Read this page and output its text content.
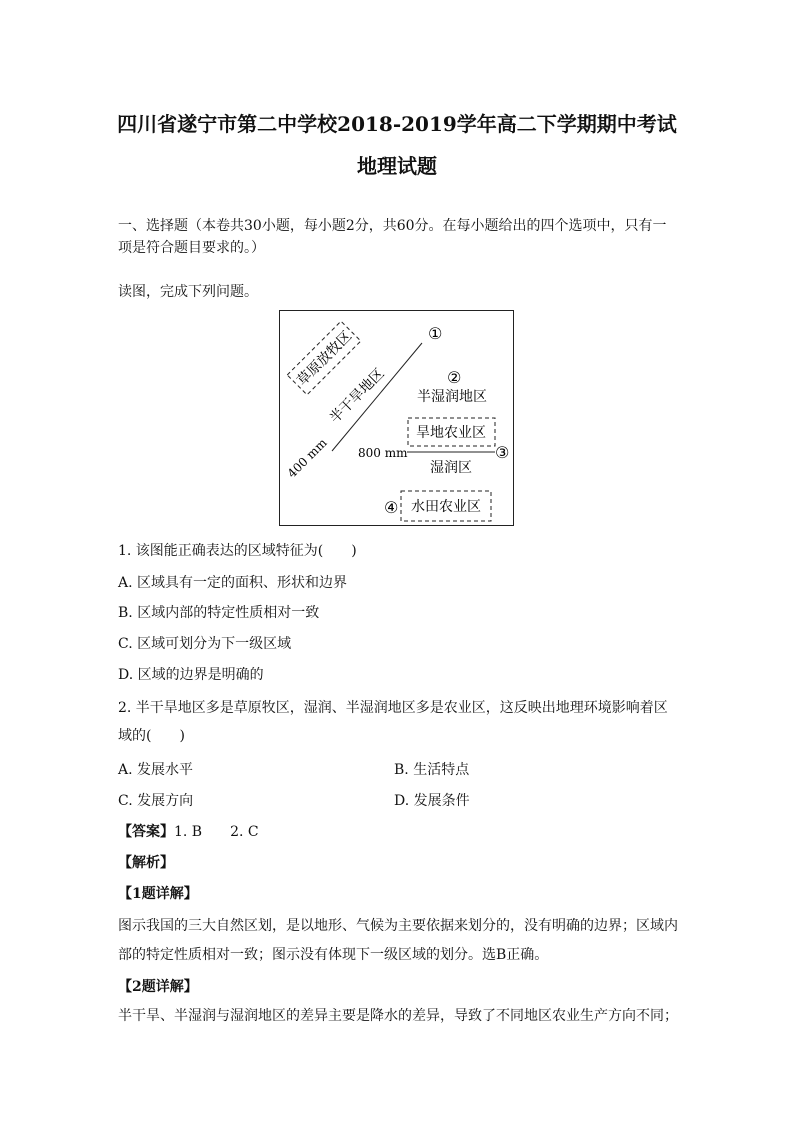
四川省遂宁市第二中学校2018-2019学年高二下学期期中考试
地理试题
一、选择题（本卷共30小题，每小题2分，共60分。在每小题给出的四个选项中，只有一项是符合题目要求的。）
读图，完成下列问题。
草原放牧区
半干旱地区
400 mm
①
②
半湿润地区
旱地农业区
800 mm	③
湿润区
④ 水田农业区
1. 该图能正确表达的区域特征为(　　)
A. 区域具有一定的面积、形状和边界
B. 区域内部的特定性质相对一致
C. 区域可划分为下一级区域
D. 区域的边界是明确的
2. 半干旱地区多是草原牧区，湿润、半湿润地区多是农业区，这反映出地理环境影响着区域的(　　)
A. 发展水平	B. 生活特点
C. 发展方向	D. 发展条件
【答案】1. B　　2. C
【解析】
【1题详解】
图示我国的三大自然区划，是以地形、气候为主要依据来划分的，没有明确的边界；区域内部的特定性质相对一致；图示没有体现下一级区域的划分。选B正确。
【2题详解】
半干旱、半湿润与湿润地区的差异主要是降水的差异，导致了不同地区农业生产方向不同；
